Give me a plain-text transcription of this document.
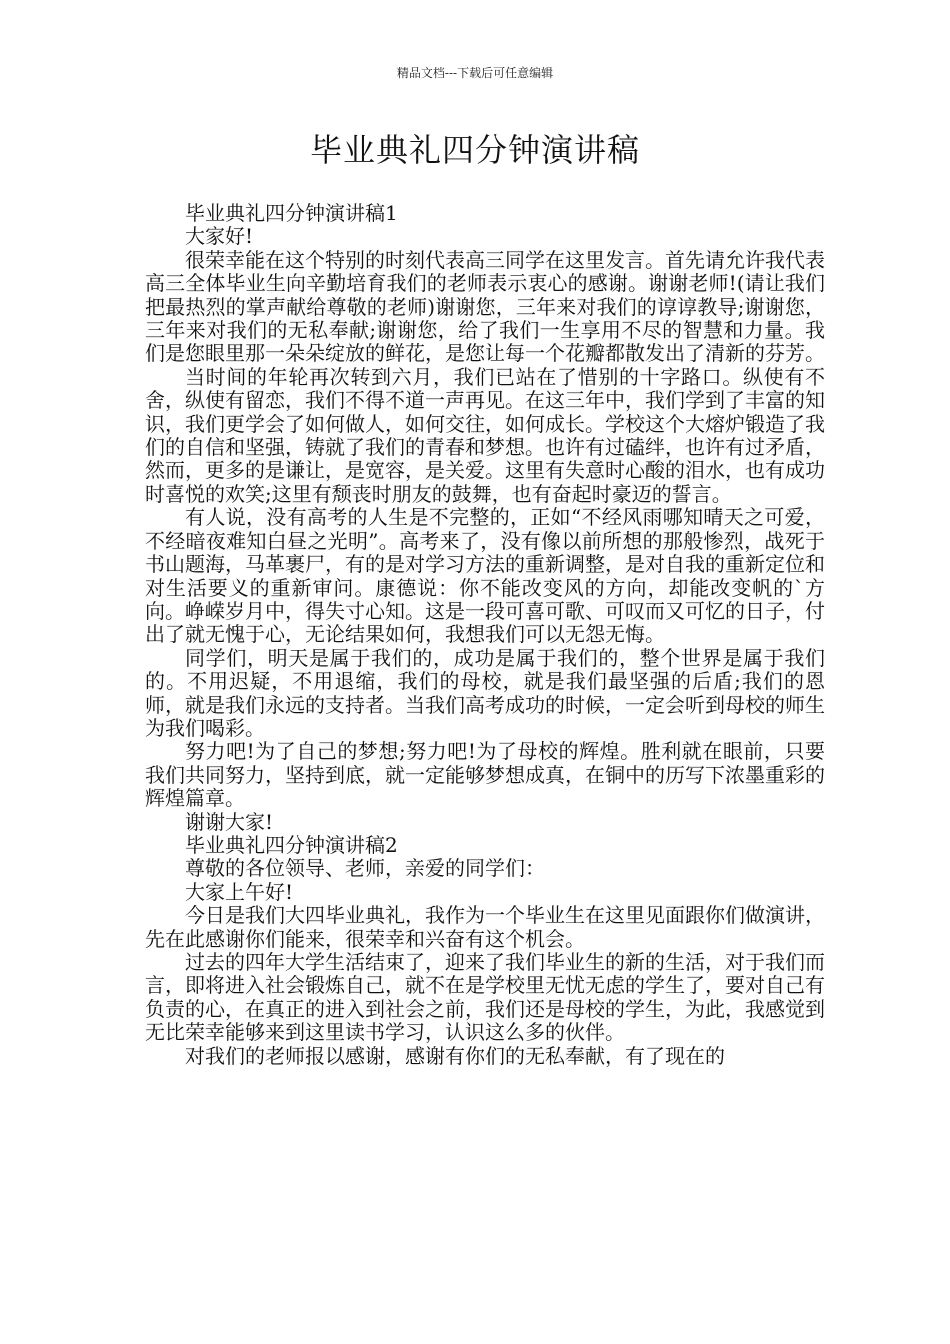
精品文档---下载后可任意编辑
毕业典礼四分钟演讲稿

毕业典礼四分钟演讲稿1

大家好!

很荣幸能在这个特别的时刻代表高三同学在这里发言。首先请允许我代表高三全体毕业生向辛勤培育我们的老师表示衷心的感谢。谢谢老师!(请让我们把最热烈的掌声献给尊敬的老师)谢谢您，三年来对我们的谆谆教导;谢谢您，三年来对我们的无私奉献;谢谢您，给了我们一生享用不尽的智慧和力量。我们是您眼里那一朵朵绽放的鲜花，是您让每一个花瓣都散发出了清新的芬芳。

当时间的年轮再次转到六月，我们已站在了惜别的十字路口。纵使有不舍，纵使有留恋，我们不得不道一声再见。在这三年中，我们学到了丰富的知识，我们更学会了如何做人，如何交往，如何成长。学校这个大熔炉锻造了我们的自信和坚强，铸就了我们的青春和梦想。也许有过磕绊，也许有过矛盾，然而，更多的是谦让，是宽容，是关爱。这里有失意时心酸的泪水，也有成功时喜悦的欢笑;这里有颓丧时朋友的鼓舞，也有奋起时豪迈的誓言。

有人说，没有高考的人生是不完整的，正如“不经风雨哪知晴天之可爱，不经暗夜难知白昼之光明”。高考来了，没有像以前所想的那般惨烈，战死于书山题海，马革裹尸，有的是对学习方法的重新调整，是对自我的重新定位和对生活要义的重新审问。康德说：你不能改变风的方向，却能改变帆的`方向。峥嵘岁月中，得失寸心知。这是一段可喜可歌、可叹而又可忆的日子，付出了就无愧于心，无论结果如何，我想我们可以无怨无悔。

同学们，明天是属于我们的，成功是属于我们的，整个世界是属于我们的。不用迟疑，不用退缩，我们的母校，就是我们最坚强的后盾;我们的恩师，就是我们永远的支持者。当我们高考成功的时候，一定会听到母校的师生为我们喝彩。

努力吧!为了自己的梦想;努力吧!为了母校的辉煌。胜利就在眼前，只要我们共同努力，坚持到底，就一定能够梦想成真，在铜中的历写下浓墨重彩的辉煌篇章。

谢谢大家!

毕业典礼四分钟演讲稿2

尊敬的各位领导、老师，亲爱的同学们：

大家上午好!

今日是我们大四毕业典礼，我作为一个毕业生在这里见面跟你们做演讲，先在此感谢你们能来，很荣幸和兴奋有这个机会。

过去的四年大学生活结束了，迎来了我们毕业生的新的生活，对于我们而言，即将进入社会锻炼自己，就不在是学校里无忧无虑的学生了，要对自己有负责的心，在真正的进入到社会之前，我们还是母校的学生，为此，我感觉到无比荣幸能够来到这里读书学习，认识这么多的伙伴。

对我们的老师报以感谢，感谢有你们的无私奉献，有了现在的
